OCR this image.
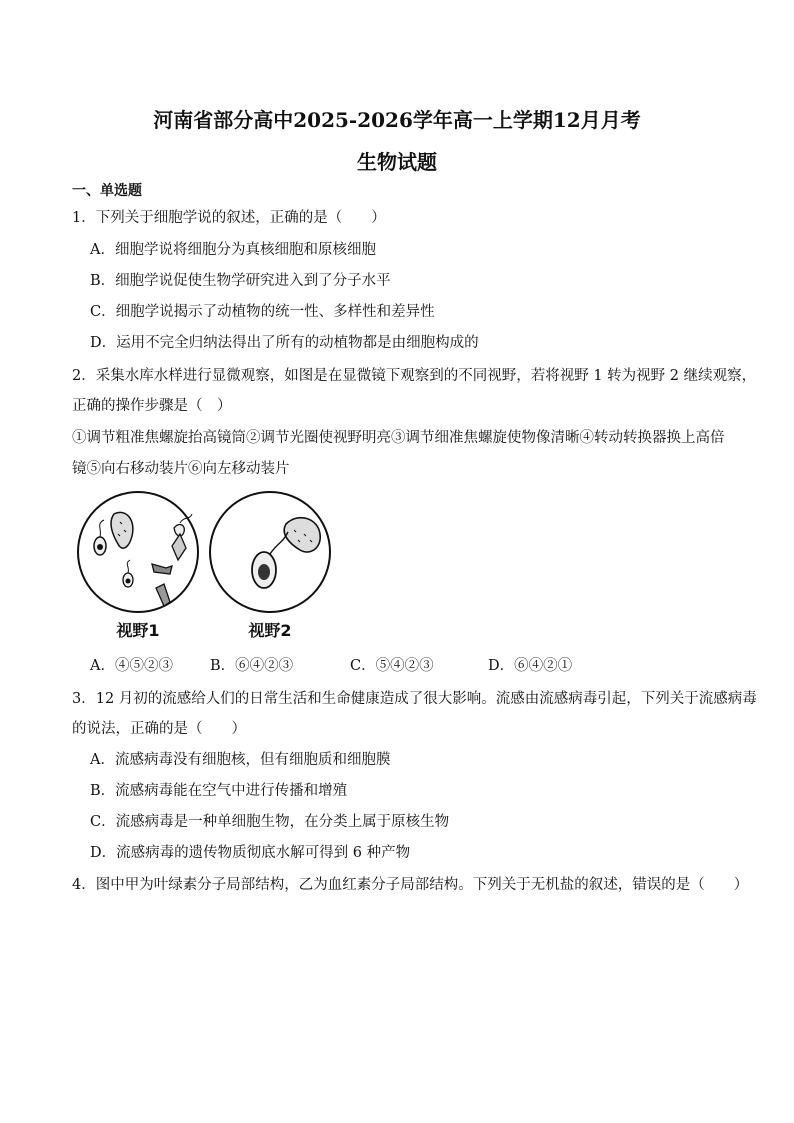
河南省部分高中2025-2026学年高一上学期12月月考
生物试题
一、单选题
1．下列关于细胞学说的叙述，正确的是（　　）
A．细胞学说将细胞分为真核细胞和原核细胞
B．细胞学说促使生物学研究进入到了分子水平
C．细胞学说揭示了动植物的统一性、多样性和差异性
D．运用不完全归纳法得出了所有的动植物都是由细胞构成的
2．采集水库水样进行显微观察，如图是在显微镜下观察到的不同视野，若将视野 1 转为视野 2 继续观察，
正确的操作步骤是（　）
①调节粗准焦螺旋抬高镜筒②调节光圈使视野明亮③调节细准焦螺旋使物像清晰④转动转换器换上高倍
镜⑤向右移动装片⑥向左移动装片
视野1	视野2
A．④⑤②③	B．⑥④②③	C．⑤④②③	D．⑥④②①
3．12 月初的流感给人们的日常生活和生命健康造成了很大影响。流感由流感病毒引起，下列关于流感病毒
的说法，正确的是（　　）
A．流感病毒没有细胞核，但有细胞质和细胞膜
B．流感病毒能在空气中进行传播和增殖
C．流感病毒是一种单细胞生物，在分类上属于原核生物
D．流感病毒的遗传物质彻底水解可得到 6 种产物
4．图中甲为叶绿素分子局部结构，乙为血红素分子局部结构。下列关于无机盐的叙述，错误的是（　　）
